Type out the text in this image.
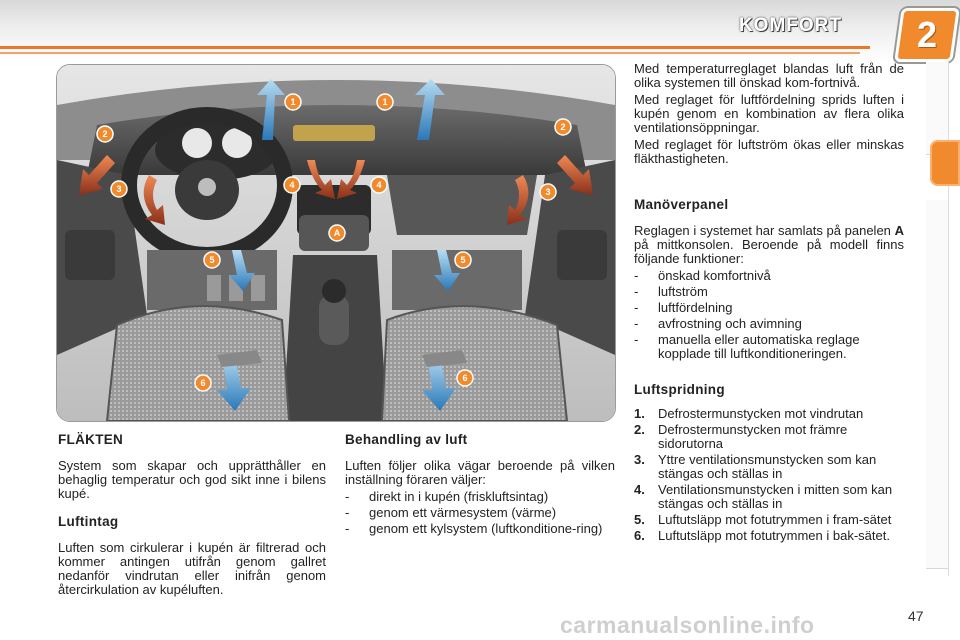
KOMFORT 2
1	1
2
2
3	3
4	4
5	5
6	6
A
FLÄKTEN

System som skapar och upprätthåller en behaglig temperatur och god sikt inne i bilens kupé.

Luftintag

Luften som cirkulerar i kupén är filtrerad och kommer antingen utifrån genom gallret nedanför vindrutan eller inifrån genom återcirkulation av kupéluften.

Behandling av luft

Luften följer olika vägar beroende på vilken inställning föraren väljer:

- direkt in i kupén (friskluftsintag)
- genom ett värmesystem (värme)
- genom ett kylsystem (luftkonditione-ring)

Med temperaturreglaget blandas luft från de olika systemen till önskad kom-fortnivå.

Med reglaget för luftfördelning sprids luften i kupén genom en kombination av flera olika ventilationsöppningar.

Med reglaget för luftström ökas eller minskas fläkthastigheten.

Manöverpanel

Reglagen i systemet har samlats på panelen A på mittkonsolen. Beroende på modell finns följande funktioner:

- önskad komfortnivå
- luftström
- luftfördelning
- avfrostning och avimning
- manuella eller automatiska reglage kopplade till luftkonditioneringen.
Luftspridning
1. Defrostermunstycken mot vindrutan
2. Defrostermunstycken mot främre sidorutorna
3. Yttre ventilationsmunstycken som kan stängas och ställas in
4. Ventilationsmunstycken i mitten som kan stängas och ställas in
5. Luftutsläpp mot fotutrymmen i fram-sätet
6. Luftutsläpp mot fotutrymmen i bak-sätet.
carmanualsonline.info	47
